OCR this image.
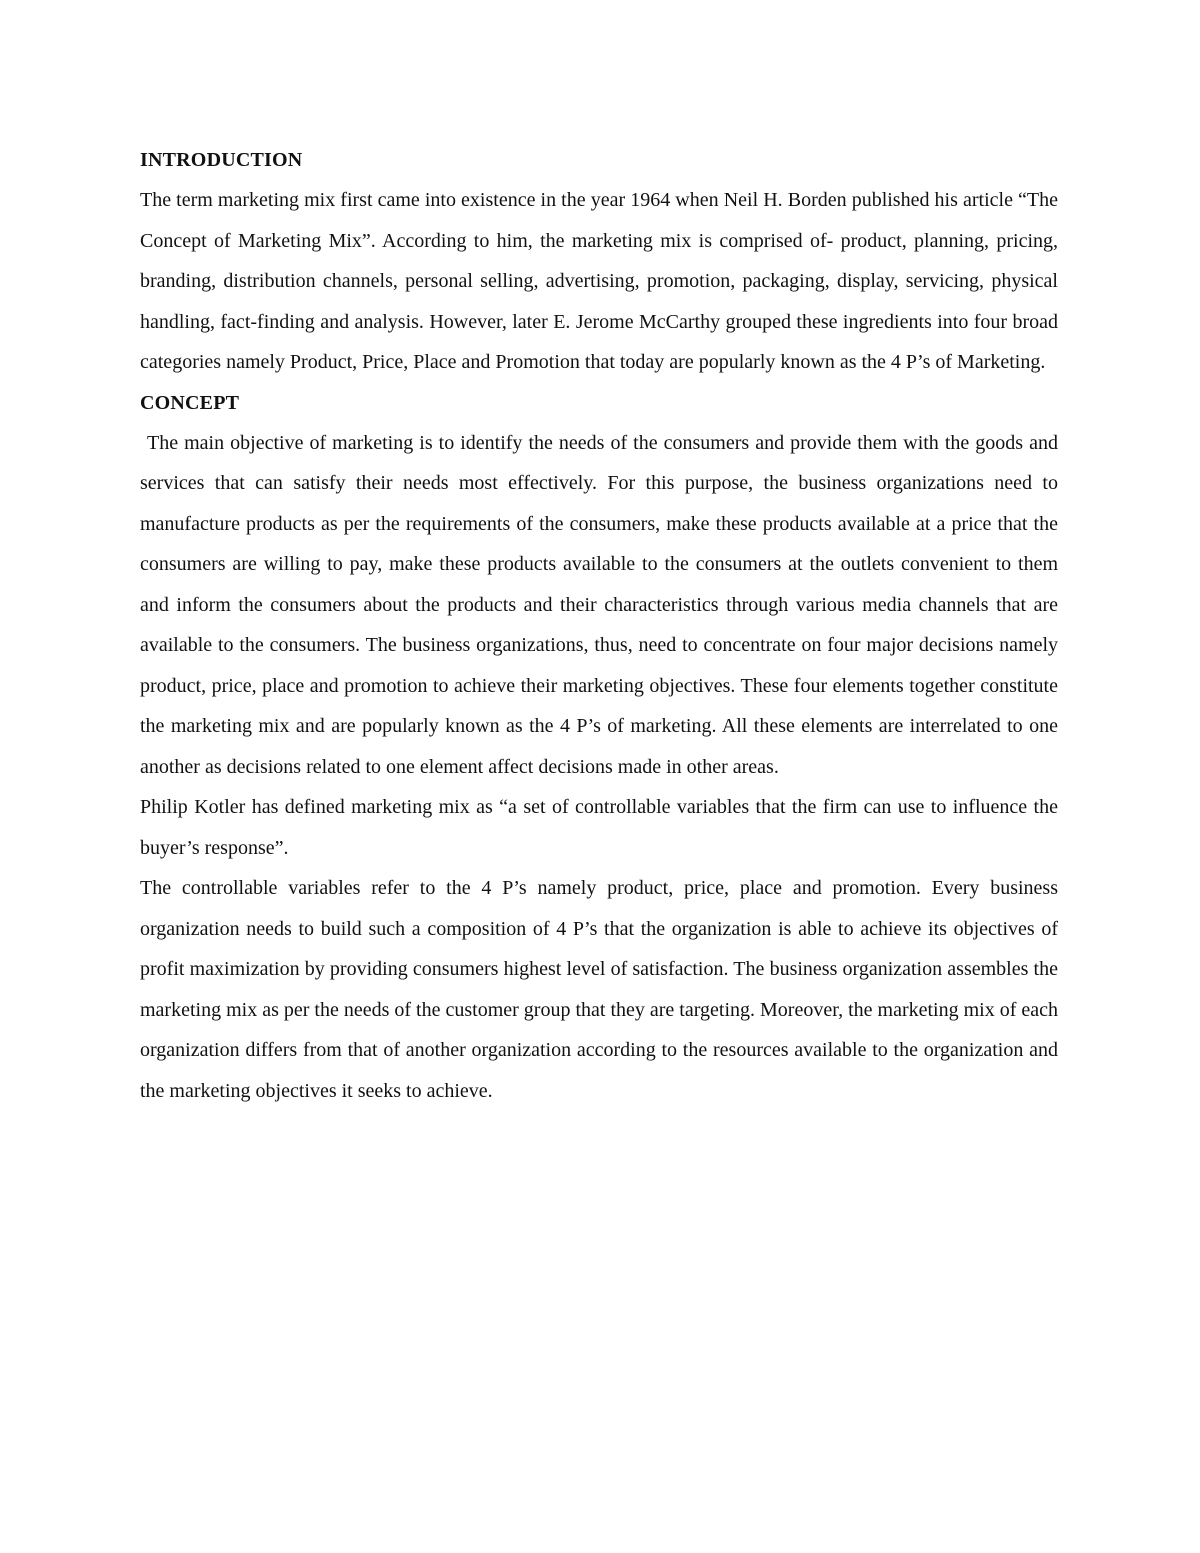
INTRODUCTION

The term marketing mix first came into existence in the year 1964 when Neil H. Borden published his article “The Concept of Marketing Mix”. According to him, the marketing mix is comprised of- product, planning, pricing, branding, distribution channels, personal selling, advertising, promotion, packaging, display, servicing, physical handling, fact-finding and analysis. However, later E. Jerome McCarthy grouped these ingredients into four broad categories namely Product, Price, Place and Promotion that today are popularly known as the 4 P’s of Marketing.

CONCEPT

The main objective of marketing is to identify the needs of the consumers and provide them with the goods and services that can satisfy their needs most effectively. For this purpose, the business organizations need to manufacture products as per the requirements of the consumers, make these products available at a price that the consumers are willing to pay, make these products available to the consumers at the outlets convenient to them and inform the consumers about the products and their characteristics through various media channels that are available to the consumers. The business organizations, thus, need to concentrate on four major decisions namely product, price, place and promotion to achieve their marketing objectives. These four elements together constitute the marketing mix and are popularly known as the 4 P’s of marketing. All these elements are interrelated to one another as decisions related to one element affect decisions made in other areas.

Philip Kotler has defined marketing mix as “a set of controllable variables that the firm can use to influence the buyer’s response”.

The controllable variables refer to the 4 P’s namely product, price, place and promotion. Every business organization needs to build such a composition of 4 P’s that the organization is able to achieve its objectives of profit maximization by providing consumers highest level of satisfaction. The business organization assembles the marketing mix as per the needs of the customer group that they are targeting. Moreover, the marketing mix of each organization differs from that of another organization according to the resources available to the organization and the marketing objectives it seeks to achieve.
